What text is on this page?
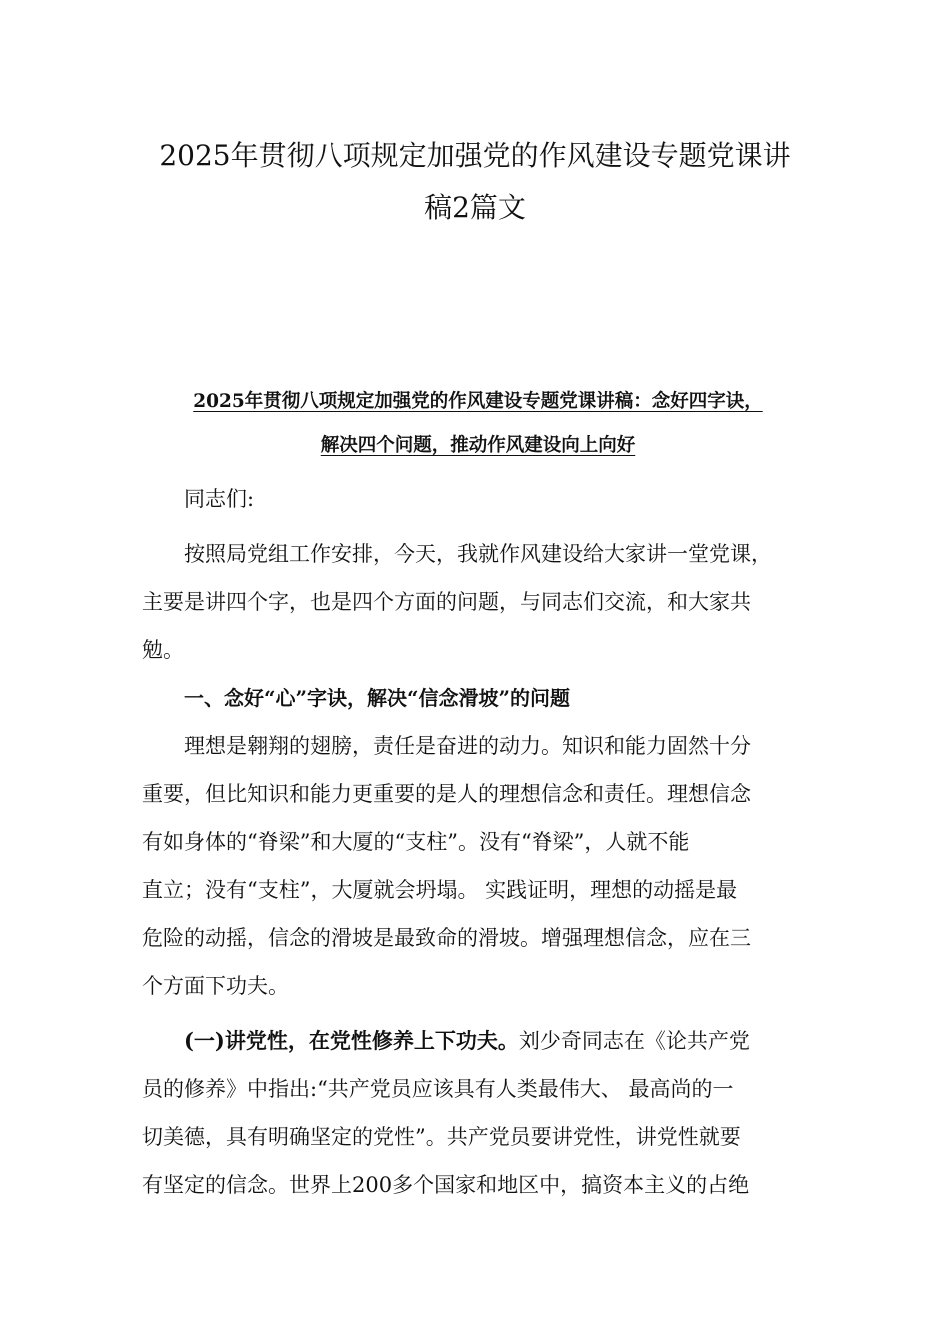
2025年贯彻八项规定加强党的作风建设专题党课讲
稿2篇文
2025年贯彻八项规定加强党的作风建设专题党课讲稿：念好四字诀，
解决四个问题，推动作风建设向上向好
同志们:
按照局党组工作安排，今天，我就作风建设给大家讲一堂党课，
主要是讲四个字，也是四个方面的问题，与同志们交流，和大家共
勉。
一、念好“心”字诀，解决“信念滑坡”的问题
理想是翱翔的翅膀，责任是奋进的动力。知识和能力固然十分
重要，但比知识和能力更重要的是人的理想信念和责任。理想信念
有如身体的“脊梁”和大厦的“支柱”。没有“脊梁”，人就不能
直立；没有“支柱”，大厦就会坍塌。 实践证明，理想的动摇是最
危险的动摇，信念的滑坡是最致命的滑坡。增强理想信念，应在三
个方面下功夫。
(一)讲党性，在党性修养上下功夫。刘少奇同志在《论共产党
员的修养》中指出:“共产党员应该具有人类最伟大、 最高尚的一
切美德，具有明确坚定的党性”。共产党员要讲党性，讲党性就要
有坚定的信念。世界上200多个国家和地区中，搞资本主义的占绝
